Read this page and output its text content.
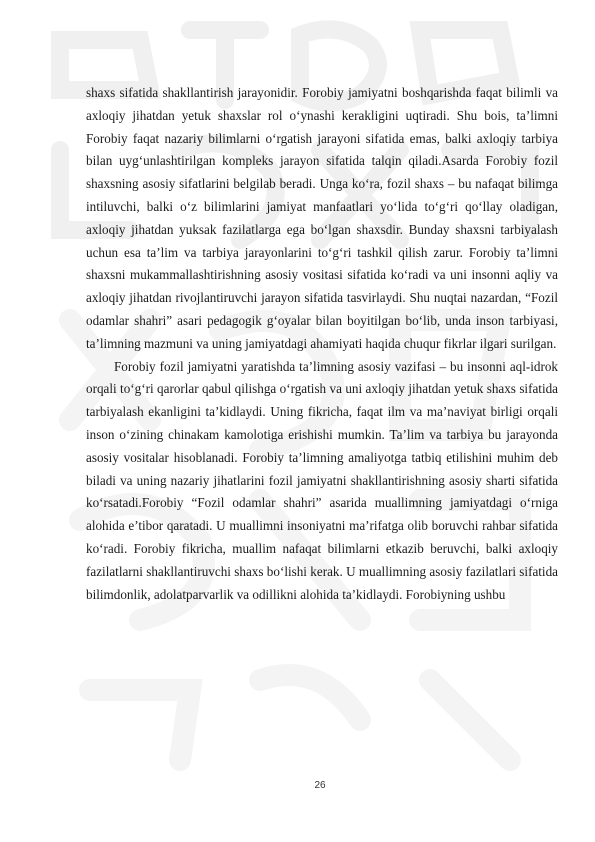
shaxs sifatida shakllantirish jarayonidir. Forobiy jamiyatni boshqarishda faqat bilimli va axloqiy jihatdan yetuk shaxslar rol o‘ynashi kerakligini uqtiradi. Shu bois, ta’limni Forobiy faqat nazariy bilimlarni o‘rgatish jarayoni sifatida emas, balki axloqiy tarbiya bilan uyg‘unlashtirilgan kompleks jarayon sifatida talqin qiladi.Asarda Forobiy fozil shaxsning asosiy sifatlarini belgilab beradi. Unga ko‘ra, fozil shaxs – bu nafaqat bilimga intiluvchi, balki o‘z bilimlarini jamiyat manfaatlari yo‘lida to‘g‘ri qo‘llay oladigan, axloqiy jihatdan yuksak fazilatlarga ega bo‘lgan shaxsdir. Bunday shaxsni tarbiyalash uchun esa ta’lim va tarbiya jarayonlarini to‘g‘ri tashkil qilish zarur. Forobiy ta’limni shaxsni mukammallashtirishning asosiy vositasi sifatida ko‘radi va uni insonni aqliy va axloqiy jihatdan rivojlantiruvchi jarayon sifatida tasvirlaydi. Shu nuqtai nazardan, “Fozil odamlar shahri” asari pedagogik g‘oyalar bilan boyitilgan bo‘lib, unda inson tarbiyasi, ta’limning mazmuni va uning jamiyatdagi ahamiyati haqida chuqur fikrlar ilgari surilgan.

Forobiy fozil jamiyatni yaratishda ta’limning asosiy vazifasi – bu insonni aql-idrok orqali to‘g‘ri qarorlar qabul qilishga o‘rgatish va uni axloqiy jihatdan yetuk shaxs sifatida tarbiyalash ekanligini ta’kidlaydi. Uning fikricha, faqat ilm va ma’naviyat birligi orqali inson o‘zining chinakam kamolotiga erishishi mumkin. Ta’lim va tarbiya bu jarayonda asosiy vositalar hisoblanadi. Forobiy ta’limning amaliyotga tatbiq etilishini muhim deb biladi va uning nazariy jihatlarini fozil jamiyatni shakllantirishning asosiy sharti sifatida ko‘rsatadi.Forobiy “Fozil odamlar shahri” asarida muallimning jamiyatdagi o‘rniga alohida e’tibor qaratadi. U muallimni insoniyatni ma’rifatga olib boruvchi rahbar sifatida ko‘radi. Forobiy fikricha, muallim nafaqat bilimlarni etkazib beruvchi, balki axloqiy fazilatlarni shakllantiruvchi shaxs bo‘lishi kerak. U muallimning asosiy fazilatlari sifatida bilimdonlik, adolatparvarlik va odillikni alohida ta’kidlaydi. Forobiyning ushbu

26
